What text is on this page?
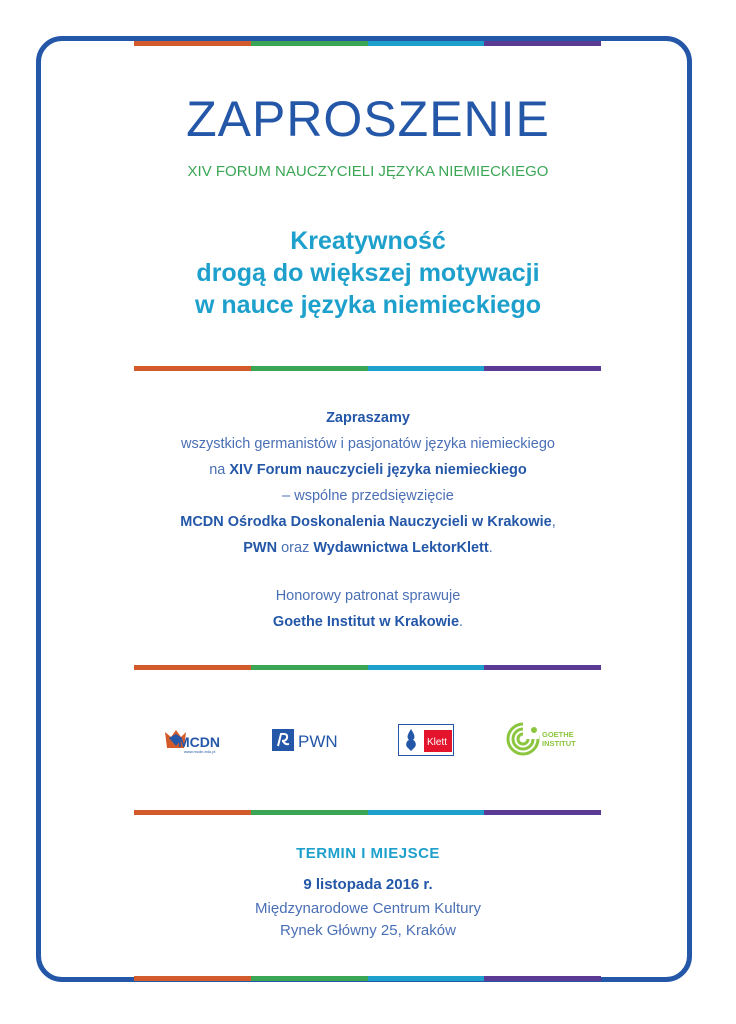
ZAPROSZENIE
XIV FORUM NAUCZYCIELI JĘZYKA NIEMIECKIEGO
Kreatywność
drogą do większej motywacji
w nauce języka niemieckiego
Zapraszamy
wszystkich germanistów i pasjonatów języka niemieckiego
na XIV Forum nauczycieli języka niemieckiego
– wspólne przedsięwzięcie
MCDN Ośrodka Doskonalenia Nauczycieli w Krakowie,
PWN oraz Wydawnictwa LektorKlett.
Honorowy patronat sprawuje
Goethe Institut w Krakowie.
MCDN
www.mcdn.edu.pl
PWN	Klett
GOETHE
INSTITUT
TERMIN I MIEJSCE
9 listopada 2016 r.
Międzynarodowe Centrum Kultury
Rynek Główny 25, Kraków
